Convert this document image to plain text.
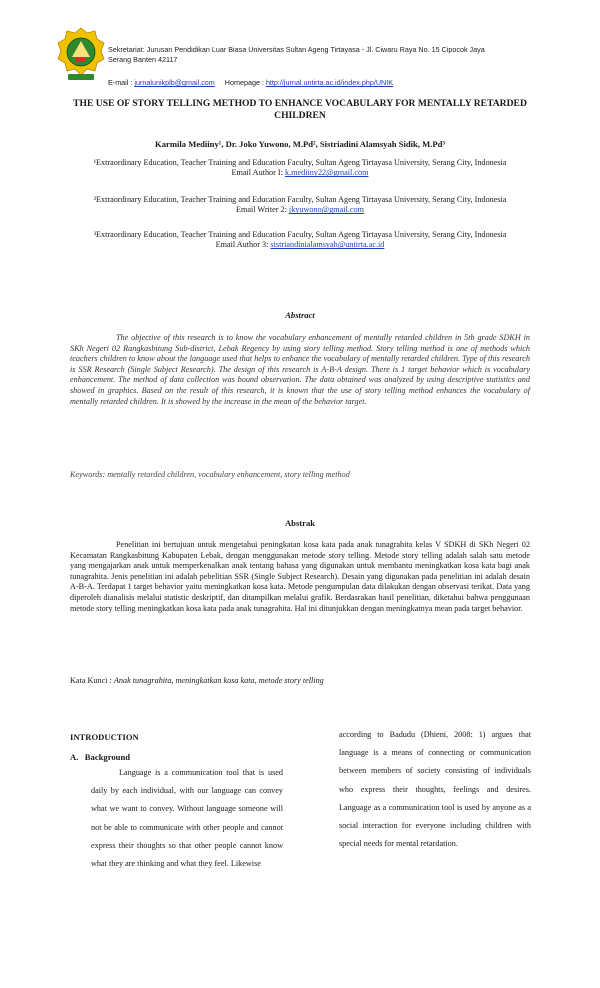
Sekretariat: Jurusan Pendidikan Luar Biasa Universitas Sultan Ageng Tirtayasa - Jl. Ciwaru Raya No. 15 Cipocok Jaya
Serang Banten 42117
E-mail : jurnalunikplb@gmail.com Homepage : http://jurnal.untirta.ac.id/index.php/UNIK
THE USE OF STORY TELLING METHOD TO ENHANCE VOCABULARY FOR MENTALLY RETARDED CHILDREN
Karmila Mediiny¹, Dr. Joko Yuwono, M.Pd², Sistriadini Alamsyah Sidik, M.Pd³
¹Extraordinary Education, Teacher Training and Education Faculty, Sultan Ageng Tirtayasa University, Serang City, Indonesia
Email Author I: k.mediiny22@gmail.com
²Extraordinary Education, Teacher Training and Education Faculty, Sultan Ageng Tirtayasa University, Serang City, Indonesia
Email Writer 2: jkyuwono@gmail.com
³Extraordinary Education, Teacher Training and Education Faculty, Sultan Ageng Tirtayasa University, Serang City, Indonesia
Email Author 3: sistriandinialamsyah@untirta.ac.id
Abstract
The objective of this research is to know the vocabulary enhancement of mentally retarded children in 5th grade SDKH in SKh Negeri 02 Rangkasbitung Sub-district, Lebak Regency by using story telling method. Story telling method is one of methods which teachers children to know about the language used that helps to enhance the vocabulary of mentally retarded children. Type of this research is SSR Research (Single Subject Research). The design of this research is A-B-A design. There is 1 target behavior which is vocabulary enhancement. The method of data collection was bound observation. The data obtained was analyzed by using descriptive statistics and showed in graphics. Based on the result of this research, it is known that the use of story telling method enhances the vocabulary of mentally retarded children. It is showed by the increase in the mean of the behavior target.
Keywords: mentally retarded children, vocabulary enhancement, story telling method
Abstrak
Penelitian ini bertujuan untuk mengetahui peningkatan kosa kata pada anak tunagrahita kelas V SDKH di SKh Negeri 02 Kecamatan Rangkasbitung Kabupaten Lebak, dengan menggunakan metode story telling. Metode story telling adalah salah satu metode yang mengajarkan anak untuk memperkenalkan anak tentang bahasa yang digunakan untuk membantu meningkatkan kosa kata bagi anak tunagrahita. Jenis penelitian ini adalah pebelitian SSR (Single Subject Research). Desain yang digunakan pada penelitian ini adalah desain A-B-A. Terdapat 1 target behavior yaitu meningkatkan kosa kata. Metode pengumpulan data dilakukan dengan observasi terikat. Data yang diperoleh dianalisis melalui statistic deskriptif, dan ditampilkan melalui grafik. Berdasrakan hasil penelitian, diketahui bahwa penggunaan metode story telling meningkatkan kosa kata pada anak tunagrahita. Hal ini ditunjukkan dengan meningkatnya mean pada target behavior.
Kata Kunci : Anak tunagrahita, meningkatkan kosa kata, metode story telling
INTRODUCTION
A.   Background
Language is a communication tool that is used daily by each individual, with our language can convey what we want to convey. Without language someone will not be able to communicate with other people and cannot express their thoughts so that other people cannot know what they are thinking and what they feel. Likewise
according to Badudu (Dhieni, 2008: 1) argues that language is a means of connecting or communication between members of society consisting of individuals who express their thoughts, feelings and desires. Language as a communication tool is used by anyone as a social interaction for everyone including children with special needs for mental retardation.
